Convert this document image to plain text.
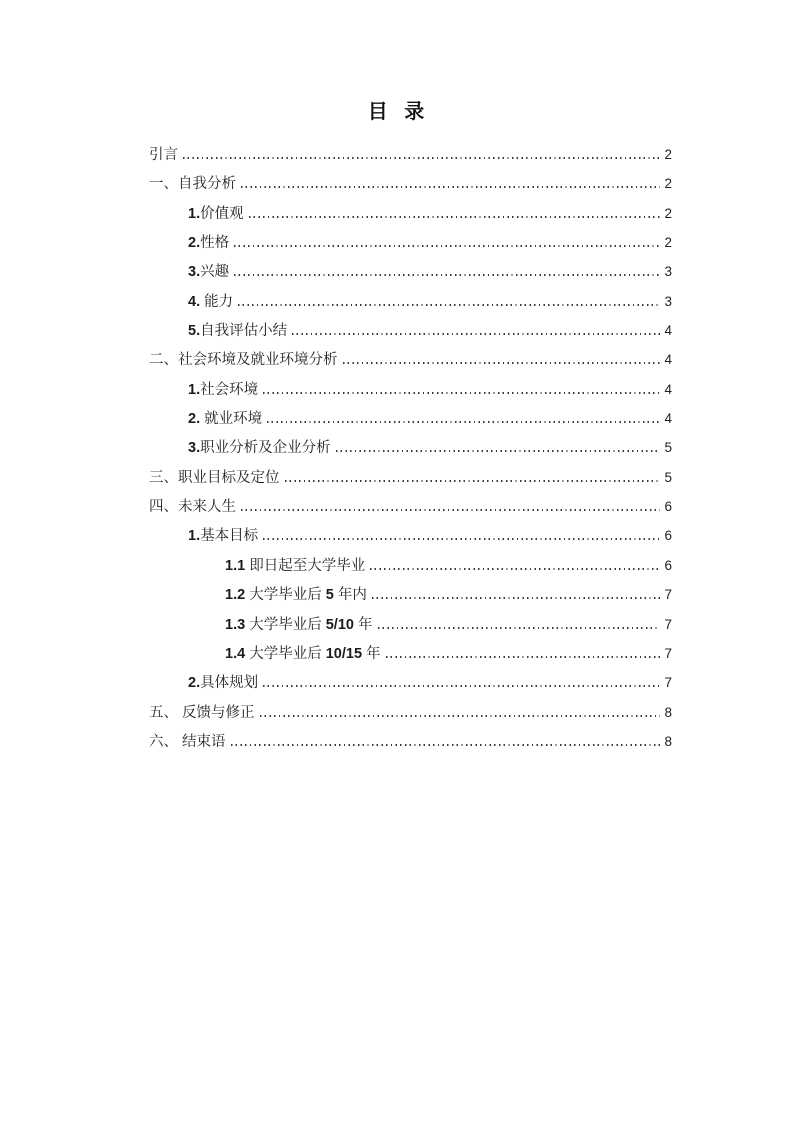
目 录
引言	2
一、自我分析	2
1.价值观	2
2.性格	2
3.兴趣	3
4. 能力	3
5.自我评估小结	4
二、社会环境及就业环境分析	4
1.社会环境	4
2. 就业环境	4
3.职业分析及企业分析	5
三、职业目标及定位	5
四、未来人生	6
1.基本目标	6
1.1 即日起至大学毕业	6
1.2 大学毕业后 5 年内	7
1.3 大学毕业后 5/10 年	7
1.4 大学毕业后 10/15 年	7
2.具体规划	7
五、 反馈与修正	8
六、 结束语	8
